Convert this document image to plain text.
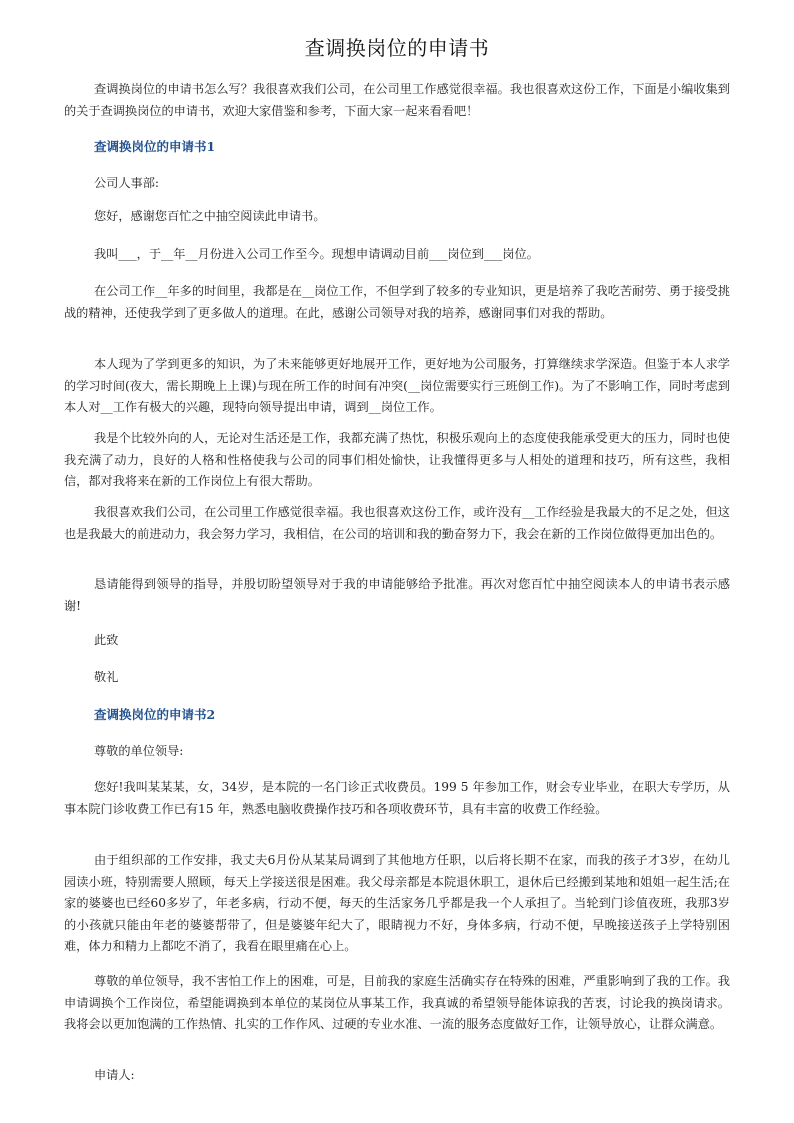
查调换岗位的申请书

查调换岗位的申请书怎么写？我很喜欢我们公司，在公司里工作感觉很幸福。我也很喜欢这份工作，下面是小编收集到的关于查调换岗位的申请书，欢迎大家借鉴和参考，下面大家一起来看看吧！

查调换岗位的申请书1

公司人事部:

您好，感谢您百忙之中抽空阅读此申请书。

我叫___，于__年__月份进入公司工作至今。现想申请调动目前___岗位到___岗位。

在公司工作__年多的时间里，我都是在__岗位工作，不但学到了较多的专业知识，更是培养了我吃苦耐劳、勇于接受挑战的精神，还使我学到了更多做人的道理。在此，感谢公司领导对我的培养，感谢同事们对我的帮助。

本人现为了学到更多的知识，为了未来能够更好地展开工作，更好地为公司服务，打算继续求学深造。但鉴于本人求学的学习时间(夜大，需长期晚上上课)与现在所工作的时间有冲突(__岗位需要实行三班倒工作)。为了不影响工作，同时考虑到本人对__工作有极大的兴趣，现特向领导提出申请，调到__岗位工作。

我是个比较外向的人，无论对生活还是工作，我都充满了热忱，积极乐观向上的态度使我能承受更大的压力，同时也使我充满了动力，良好的人格和性格使我与公司的同事们相处愉快，让我懂得更多与人相处的道理和技巧，所有这些，我相信，都对我将来在新的工作岗位上有很大帮助。

我很喜欢我们公司，在公司里工作感觉很幸福。我也很喜欢这份工作，或许没有__工作经验是我最大的不足之处，但这也是我最大的前进动力，我会努力学习，我相信，在公司的培训和我的勤奋努力下，我会在新的工作岗位做得更加出色的。

恳请能得到领导的指导，并殷切盼望领导对于我的申请能够给予批准。再次对您百忙中抽空阅读本人的申请书表示感谢!

此致

敬礼

查调换岗位的申请书2

尊敬的单位领导:

您好!我叫某某某，女，34岁，是本院的一名门诊正式收费员。199 5 年参加工作，财会专业毕业，在职大专学历，从事本院门诊收费工作已有15 年，熟悉电脑收费操作技巧和各项收费环节，具有丰富的收费工作经验。

由于组织部的工作安排，我丈夫6月份从某某局调到了其他地方任职，以后将长期不在家，而我的孩子才3岁，在幼儿园读小班，特别需要人照顾，每天上学接送很是困难。我父母亲都是本院退休职工，退休后已经搬到某地和姐姐一起生活;在家的婆婆也已经60多岁了，年老多病，行动不便，每天的生活家务几乎都是我一个人承担了。当轮到门诊值夜班，我那3岁的小孩就只能由年老的婆婆帮带了，但是婆婆年纪大了，眼睛视力不好，身体多病，行动不便，早晚接送孩子上学特别困难，体力和精力上都吃不消了，我看在眼里痛在心上。

尊敬的单位领导，我不害怕工作上的困难，可是，目前我的家庭生活确实存在特殊的困难，严重影响到了我的工作。我申请调换个工作岗位，希望能调换到本单位的某岗位从事某工作，我真诚的希望领导能体谅我的苦衷，讨论我的换岗请求。我将会以更加饱满的工作热情、扎实的工作作风、过硬的专业水准、一流的服务态度做好工作，让领导放心，让群众满意。

申请人:
